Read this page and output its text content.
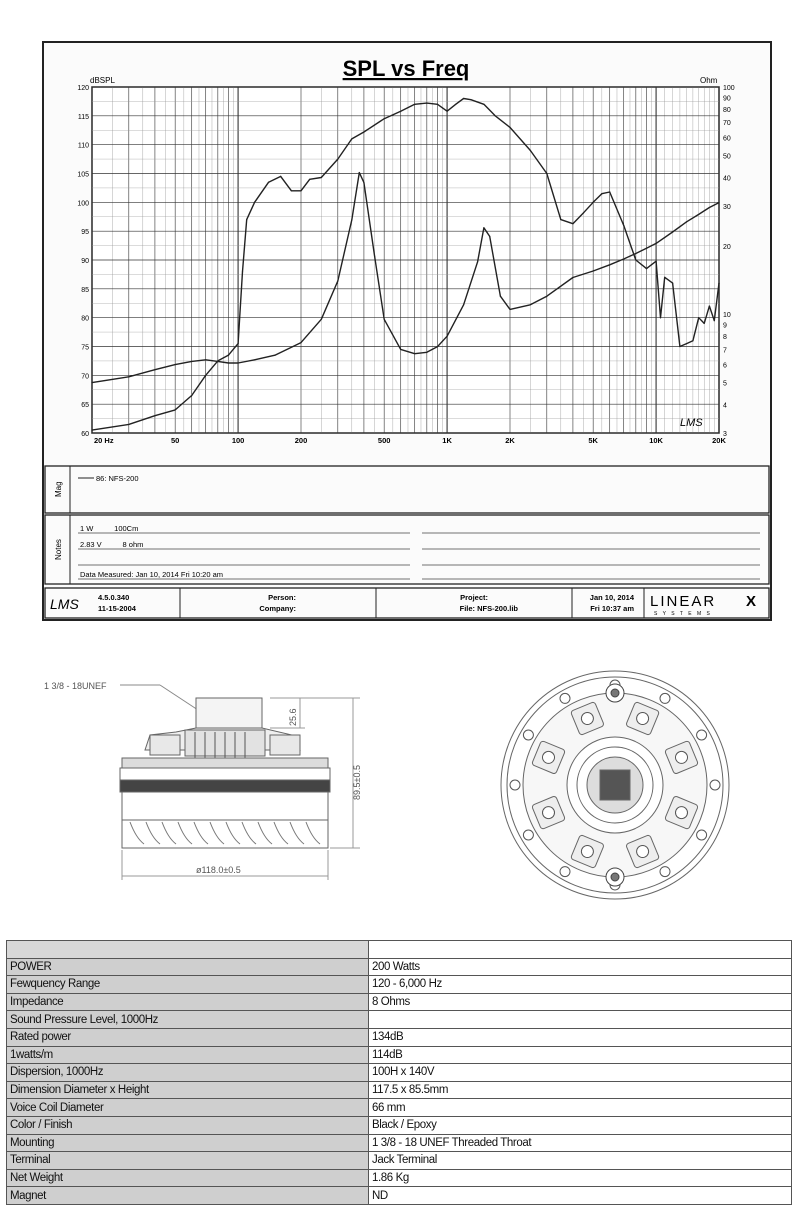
SPL vs Freq
dBSPL	Ohm
20 Hz	50	100	200	500	1K	2K	5K	10K	20K
60
65
70
75
80
85
90
95
100
105
110
115
120
3
4
5
6
7
8
9
10
20
30
40
50
60
70
80
90
100
LMS
Mag
86: NFS-200
Notes
1 W          100Cm
2.83 V          8 ohm
Data Measured: Jan 10, 2014 Fri 10:20 am
LMS	4.5.0.340
11-15-2004
Person:
Company:
Project:
File: NFS-200.lib
Jan 10, 2014
Fri 10:37 am LINEAR X
S Y S T E M S
1 3/8 - 18UNEF
25.6
89.5±0.5
ø118.0±0.5

POWER	200 Watts
Fewquency Range	120 - 6,000 Hz
Impedance	8 Ohms
Sound Pressure Level, 1000Hz	
Rated power	134dB
1watts/m	114dB
Dispersion, 1000Hz	100H x 140V
Dimension Diameter x Height	117.5 x 85.5mm
Voice Coil Diameter	66 mm
Color / Finish	Black / Epoxy
Mounting	1 3/8 - 18 UNEF Threaded Throat
Terminal	Jack Terminal
Net Weight	1.86 Kg
Magnet	ND
